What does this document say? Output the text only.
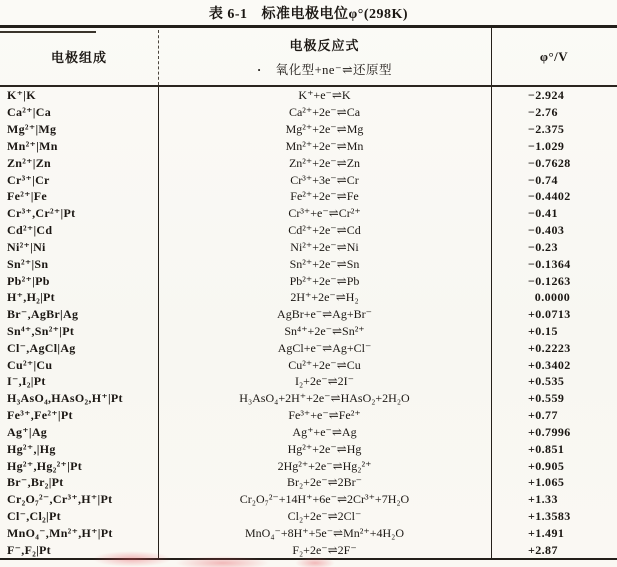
表 6-1 标准电极电位φ°(298K)
电极组成
电极反应式
· 氧化型+ne⁻⇌还原型
φ°/V
K⁺|K	K⁺+e⁻⇌K	−2.924
Ca²⁺|Ca	Ca²⁺+2e⁻⇌Ca	−2.76
Mg²⁺|Mg	Mg²⁺+2e⁻⇌Mg	−2.375
Mn²⁺|Mn	Mn²⁺+2e⁻⇌Mn	−1.029
Zn²⁺|Zn	Zn²⁺+2e⁻⇌Zn	−0.7628
Cr³⁺|Cr	Cr³⁺+3e⁻⇌Cr	−0.74
Fe²⁺|Fe	Fe²⁺+2e⁻⇌Fe	−0.4402
Cr³⁺,Cr²⁺|Pt	Cr³⁺+e⁻⇌Cr²⁺	−0.41
Cd²⁺|Cd	Cd²⁺+2e⁻⇌Cd	−0.403
Ni²⁺|Ni	Ni²⁺+2e⁻⇌Ni	−0.23
Sn²⁺|Sn	Sn²⁺+2e⁻⇌Sn	−0.1364
Pb²⁺|Pb	Pb²⁺+2e⁻⇌Pb	−0.1263
H⁺,H₂|Pt	2H⁺+2e⁻⇌H₂	0.0000
Br⁻,AgBr|Ag	AgBr+e⁻⇌Ag+Br⁻	+0.0713
Sn⁴⁺,Sn²⁺|Pt	Sn⁴⁺+2e⁻⇌Sn²⁺	+0.15
Cl⁻,AgCl|Ag	AgCl+e⁻⇌Ag+Cl⁻	+0.2223
Cu²⁺|Cu	Cu²⁺+2e⁻⇌Cu	+0.3402
I⁻,I₂|Pt	I₂+2e⁻⇌2I⁻	+0.535
H₃AsO₄,HAsO₂,H⁺|Pt	H₃AsO₄+2H⁺+2e⁻⇌HAsO₂+2H₂O	+0.559
Fe³⁺,Fe²⁺|Pt	Fe³⁺+e⁻⇌Fe²⁺	+0.77
Ag⁺|Ag	Ag⁺+e⁻⇌Ag	+0.7996
Hg²⁺,|Hg	Hg²⁺+2e⁻⇌Hg	+0.851
Hg²⁺,Hg₂²⁺|Pt	2Hg²⁺+2e⁻⇌Hg₂²⁺	+0.905
Br⁻,Br₂|Pt	Br₂+2e⁻⇌2Br⁻	+1.065
Cr₂O₇²⁻,Cr³⁺,H⁺|Pt	Cr₂O₇²⁻+14H⁺+6e⁻⇌2Cr³⁺+7H₂O	+1.33
Cl⁻,Cl₂|Pt	Cl₂+2e⁻⇌2Cl⁻	+1.3583
MnO₄⁻,Mn²⁺,H⁺|Pt	MnO₄⁻+8H⁺+5e⁻⇌Mn²⁺+4H₂O	+1.491
F⁻,F₂|Pt	F₂+2e⁻⇌2F⁻	+2.87
